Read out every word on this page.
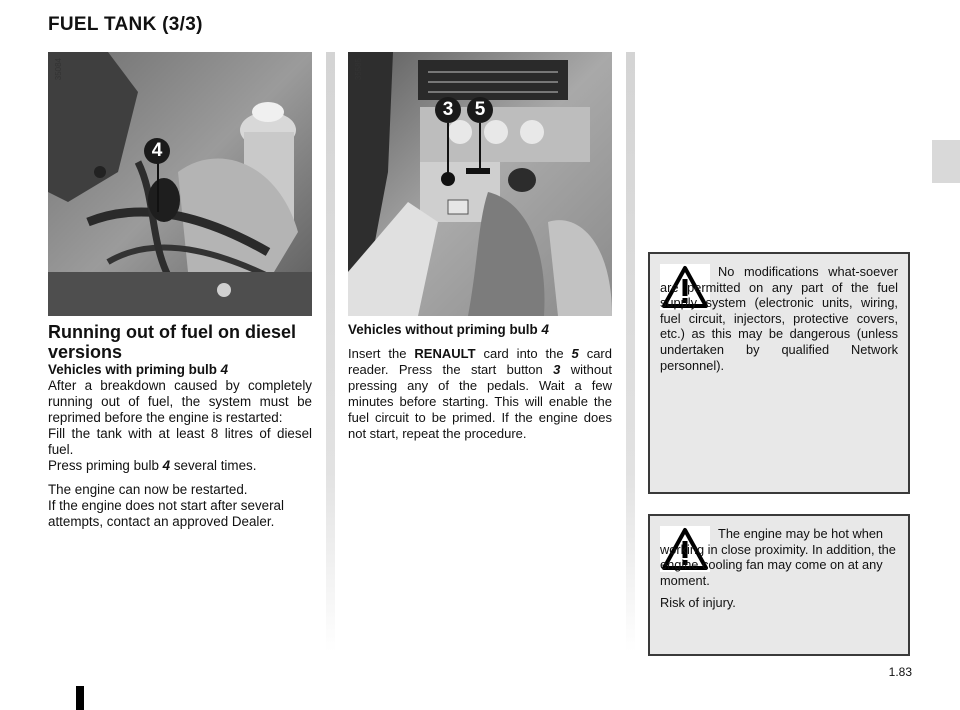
FUEL TANK (3/3)
35084
4
35585
3	5
Running out of fuel on diesel versions

Vehicles with priming bulb 4

After a breakdown caused by completely running out of fuel, the system must be reprimed before the engine is restarted:

Fill the tank with at least 8 litres of diesel fuel.

Press priming bulb 4 several times.

The engine can now be restarted.

If the engine does not start after several attempts, contact an approved Dealer.

Vehicles without priming bulb 4

Insert the RENAULT card into the 5 card reader. Press the start button 3 without pressing any of the pedals. Wait a few minutes before starting. This will enable the fuel circuit to be primed. If the engine does not start, repeat the procedure.

No modifications what-soever are permitted on any part of the fuel supply system (electronic units, wiring, fuel circuit, injectors, protective covers, etc.) as this may be dangerous (unless undertaken by qualified Network personnel).

The engine may be hot when working in close proximity. In addition, the engine cooling fan may come on at any moment.

Risk of injury.

1.83
